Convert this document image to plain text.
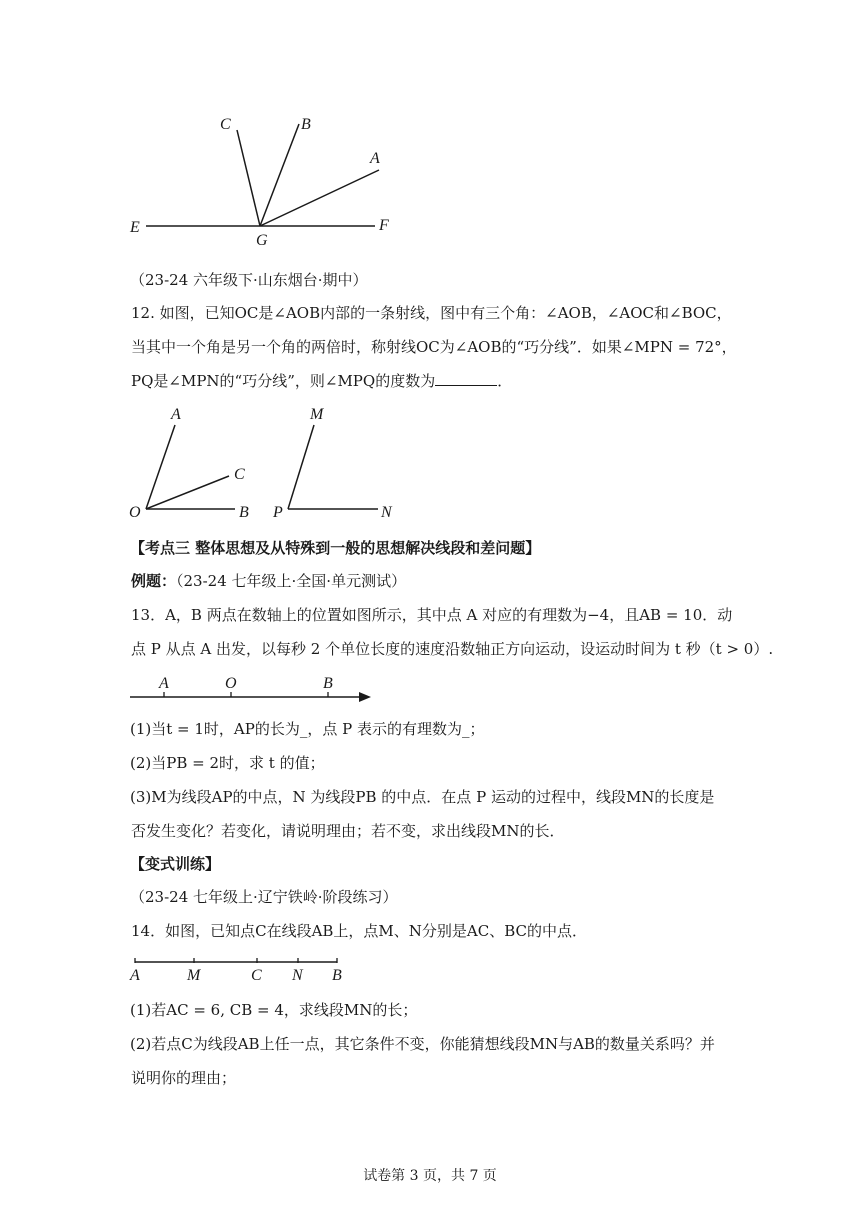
C	B
A
E
G
F
（23-24 六年级下·山东烟台·期中）
12. 如图，已知OC是∠AOB内部的一条射线，图中有三个角：∠AOB，∠AOC和∠BOC，
当其中一个角是另一个角的两倍时，称射线OC为∠AOB的“巧分线”．如果∠MPN = 72°，
PQ是∠MPN的“巧分线”，则∠MPQ的度数为	．
A
C
O	B
M
P	N
【考点三 整体思想及从特殊到一般的思想解决线段和差问题】
例题：（23-24 七年级上·全国·单元测试）
13．A，B 两点在数轴上的位置如图所示，其中点 A 对应的有理数为−4，且AB = 10．动
点 P 从点 A 出发，以每秒 2 个单位长度的速度沿数轴正方向运动，设运动时间为 t 秒（t > 0）.
A	O	B
(1)当t = 1时，AP的长为_，点 P 表示的有理数为_；
(2)当PB = 2时，求 t 的值；
(3)M为线段AP的中点，N 为线段PB 的中点．在点 P 运动的过程中，线段MN的长度是
否发生变化？若变化，请说明理由；若不变，求出线段MN的长．
【变式训练】
（23-24 七年级上·辽宁铁岭·阶段练习）
14．如图，已知点C在线段AB上，点M、N分别是AC、BC的中点．
A	M	C N B
(1)若AC = 6, CB = 4，求线段MN的长；
(2)若点C为线段AB上任一点，其它条件不变，你能猜想线段MN与AB的数量关系吗？并
说明你的理由；
试卷第 3 页，共 7 页
